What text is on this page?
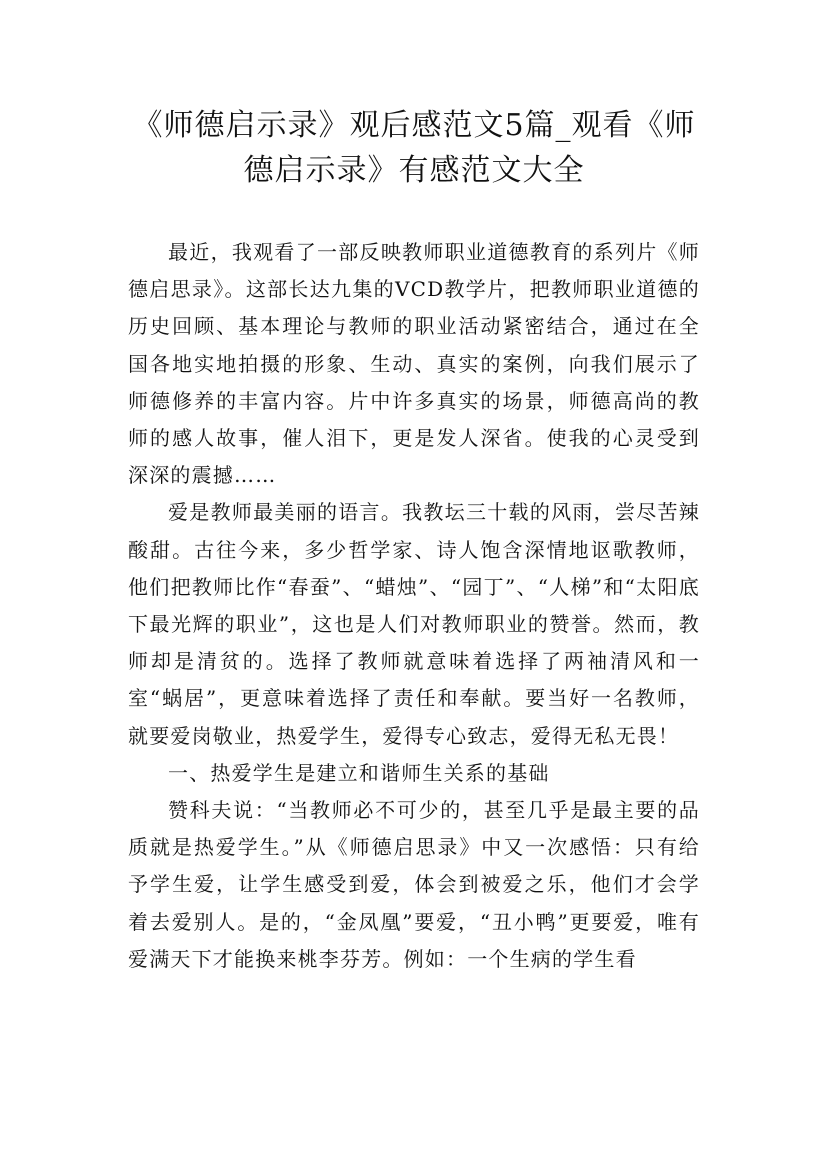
《师德启示录》观后感范文5篇_观看《师德启示录》有感范文大全

最近，我观看了一部反映教师职业道德教育的系列片《师德启思录》。这部长达九集的VCD教学片，把教师职业道德的历史回顾、基本理论与教师的职业活动紧密结合，通过在全国各地实地拍摄的形象、生动、真实的案例，向我们展示了师德修养的丰富内容。片中许多真实的场景，师德高尚的教师的感人故事，催人泪下，更是发人深省。使我的心灵受到深深的震撼……

爱是教师最美丽的语言。我教坛三十载的风雨，尝尽苦辣酸甜。古往今来，多少哲学家、诗人饱含深情地讴歌教师，他们把教师比作“春蚕”、“蜡烛”、“园丁”、“人梯”和“太阳底下最光辉的职业”，这也是人们对教师职业的赞誉。然而，教师却是清贫的。选择了教师就意味着选择了两袖清风和一室“蜗居”，更意味着选择了责任和奉献。要当好一名教师，就要爱岗敬业，热爱学生，爱得专心致志，爱得无私无畏！

一、热爱学生是建立和谐师生关系的基础

赞科夫说：“当教师必不可少的，甚至几乎是最主要的品质就是热爱学生。”从《师德启思录》中又一次感悟：只有给予学生爱，让学生感受到爱，体会到被爱之乐，他们才会学着去爱别人。是的，“金凤凰”要爱，“丑小鸭”更要爱，唯有爱满天下才能换来桃李芬芳。例如：一个生病的学生看
